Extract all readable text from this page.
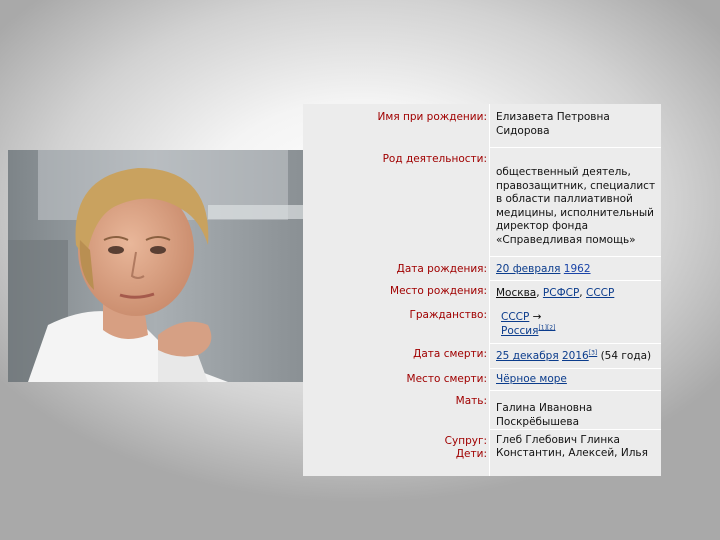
Имя при рождении: Елизавета Петровна Сидорова
Род деятельности:
общественный деятель, правозащитник, специалист в области паллиативной медицины, исполнительный директор фонда «Справедливая помощь»
Дата рождения: 20 февраля 1962
Место рождения: Москва, РСФСР, СССР
Гражданство: СССР →
Россия[1][2]
Дата смерти: 25 декабря 2016[3] (54 года)
Место смерти: Чёрное море
Мать:
Галина Ивановна Поскрёбышева
Супруг: Глеб Глебович Глинка
Дети: Константин, Алексей, Илья
